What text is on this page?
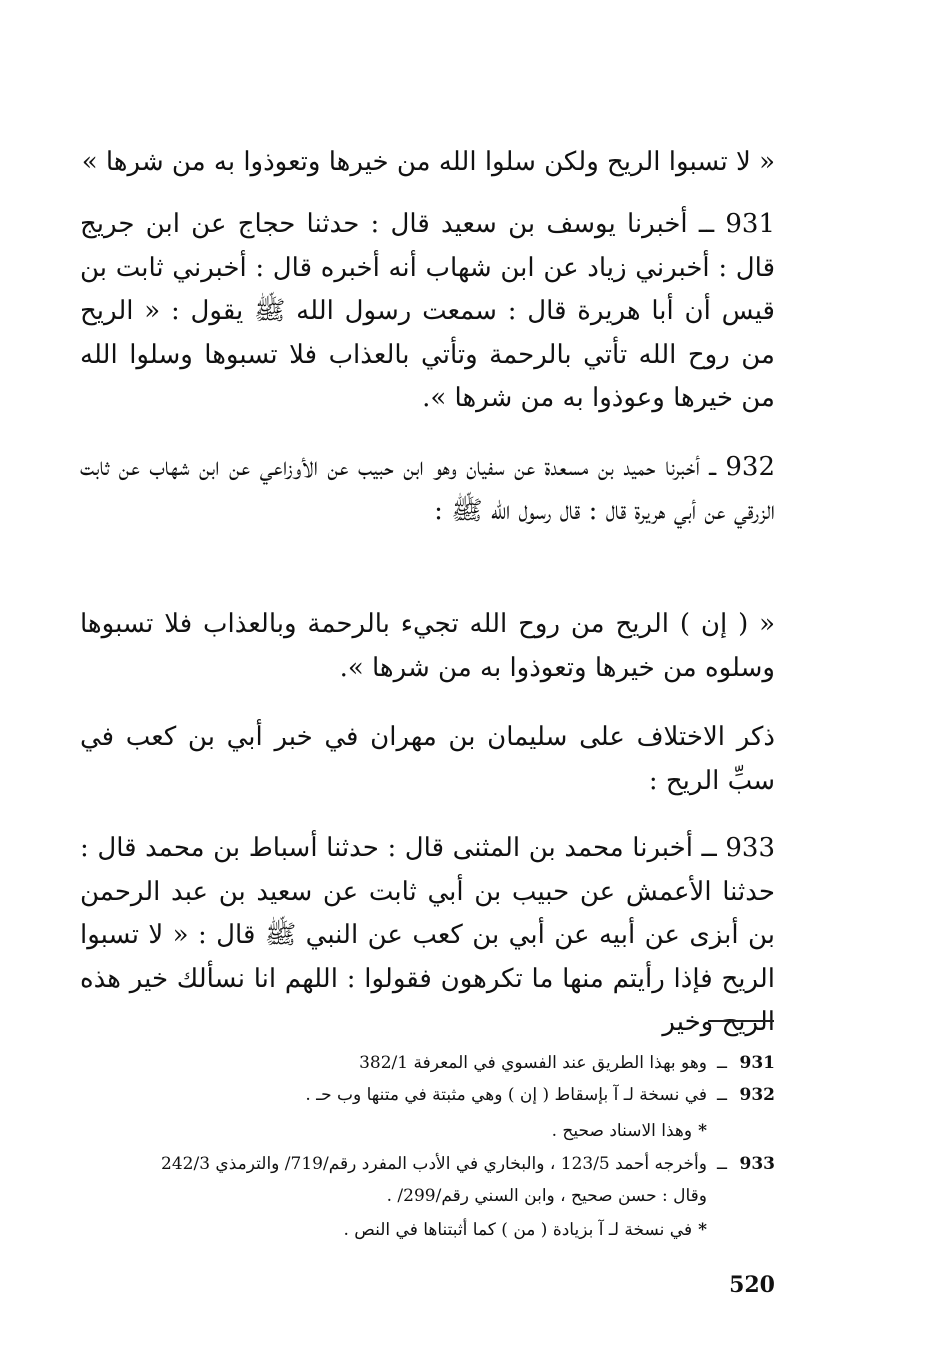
« لا تسبوا الريح ولكن سلوا الله من خيرها وتعوذوا به من شرها »

931 ــ أخبرنا يوسف بن سعيد قال : حدثنا حجاج عن ابن جريج قال : أخبرني زياد عن ابن شهاب أنه أخبره قال : أخبرني ثابت بن قيس أن أبا هريرة قال : سمعت رسول الله ﷺ يقول : « الريح من روح الله تأتي بالرحمة وتأتي بالعذاب فلا تسبوها وسلوا الله من خيرها وعوذوا به من شرها ».

932 ــ أخبرنا حميد بن مسعدة عن سفيان وهو ابن حبيب عن الأوزاعي عن ابن شهاب عن ثابت الزرقي عن أبي هريرة قال : قال رسول الله ﷺ :

« ( إن ) الريح من روح الله تجيء بالرحمة وبالعذاب فلا تسبوها وسلوه من خيرها وتعوذوا به من شرها ».

ذكر الاختلاف على سليمان بن مهران في خبر أبي بن كعب في سبِّ الريح :

933 ــ أخبرنا محمد بن المثنى قال : حدثنا أسباط بن محمد قال : حدثنا الأعمش عن حبيب بن أبي ثابت عن سعيد بن عبد الرحمن بن أبزى عن أبيه عن أبي بن كعب عن النبي ﷺ قال : « لا تسبوا الريح فإذا رأيتم منها ما تكرهون فقولوا : اللهم انا نسألك خير هذه الريح وخير

931ــوهو بهذا الطريق عند الفسوي في المعرفة 382/1
932ــفي نسخة لـ آ بإسقاط ( إن ) وهي مثبتة في متنها وب حـ .
*وهذا الاسناد صحيح .
933ــوأخرجه أحمد 123/5 ، والبخاري في الأدب المفرد رقم/719/ والترمذي 242/3
وقال : حسن صحيح ، وابن السني رقم/299/ .
*في نسخة لـ آ بزيادة ( من ) كما أثبتناها في النص .
520
